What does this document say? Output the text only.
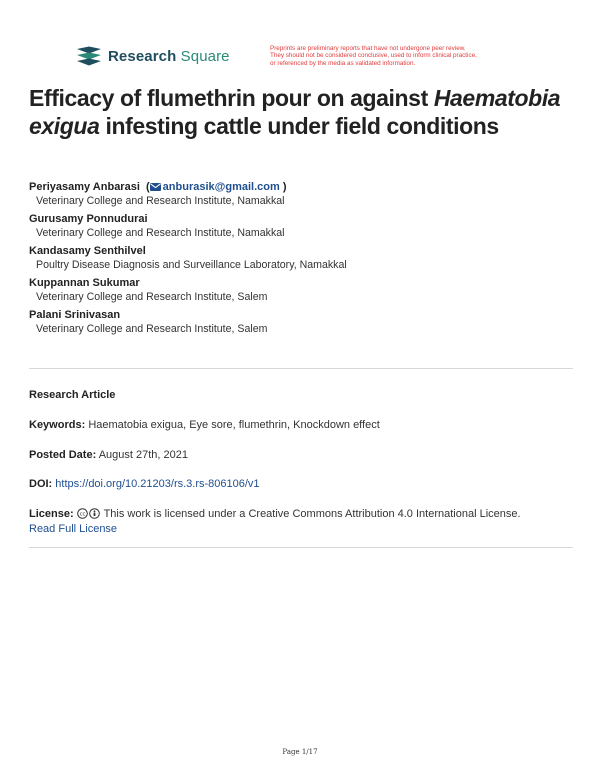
Research Square	Preprints are preliminary reports that have not undergone peer review.
They should not be considered conclusive, used to inform clinical practice,
or referenced by the media as validated information.
Efficacy of flumethrin pour on against Haematobia exigua infesting cattle under field conditions
Periyasamy Anbarasi  ( anburasik@gmail.com )
Veterinary College and Research Institute, Namakkal
Gurusamy Ponnudurai
Veterinary College and Research Institute, Namakkal
Kandasamy Senthilvel
Poultry Disease Diagnosis and Surveillance Laboratory, Namakkal
Kuppannan Sukumar
Veterinary College and Research Institute, Salem
Palani Srinivasan
Veterinary College and Research Institute, Salem
Research Article
Keywords: Haematobia exigua, Eye sore, flumethrin, Knockdown effect
Posted Date: August 27th, 2021
DOI: https://doi.org/10.21203/rs.3.rs-806106/v1
License: cc This work is licensed under a Creative Commons Attribution 4.0 International License.
Read Full License
Page 1/17
